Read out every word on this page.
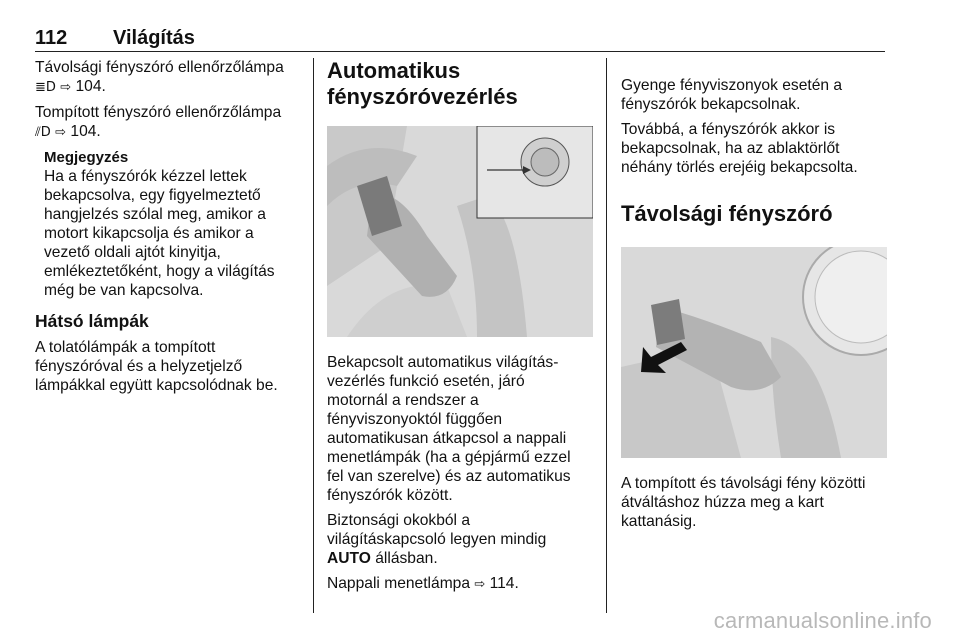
112 Világítás

Távolsági fényszóró ellenőrzőlámpa
≣D ⇨ 104.

Tompított fényszóró ellenőrzőlámpa
⫽D ⇨ 104.

Megjegyzés
Ha a fényszórók kézzel lettek
bekapcsolva, egy figyelmeztető
hangjelzés szólal meg, amikor a
motort kikapcsolja és amikor a
vezető oldali ajtót kinyitja,
emlékeztetőként, hogy a világítás
még be van kapcsolva.
Hátsó lámpák
A tolatólámpák a tompított
fényszóróval és a helyzetjelző
lámpákkal együtt kapcsolódnak be.
Automatikus
fényszóróvezérlés
Bekapcsolt automatikus világítás-
vezérlés funkció esetén, járó
motornál a rendszer a
fényviszonyoktól függően
automatikusan átkapcsol a nappali
menetlámpák (ha a gépjármű ezzel
fel van szerelve) és az automatikus
fényszórók között.
Biztonsági okokból a
világításkapcsoló legyen mindig
AUTO állásban.
Nappali menetlámpa ⇨ 114.
Gyenge fényviszonyok esetén a
fényszórók bekapcsolnak.
Továbbá, a fényszórók akkor is
bekapcsolnak, ha az ablaktörlőt
néhány törlés erejéig bekapcsolta.
Távolsági fényszóró
A tompított és távolsági fény közötti
átváltáshoz húzza meg a kart
kattanásig.
carmanualsonline.info
